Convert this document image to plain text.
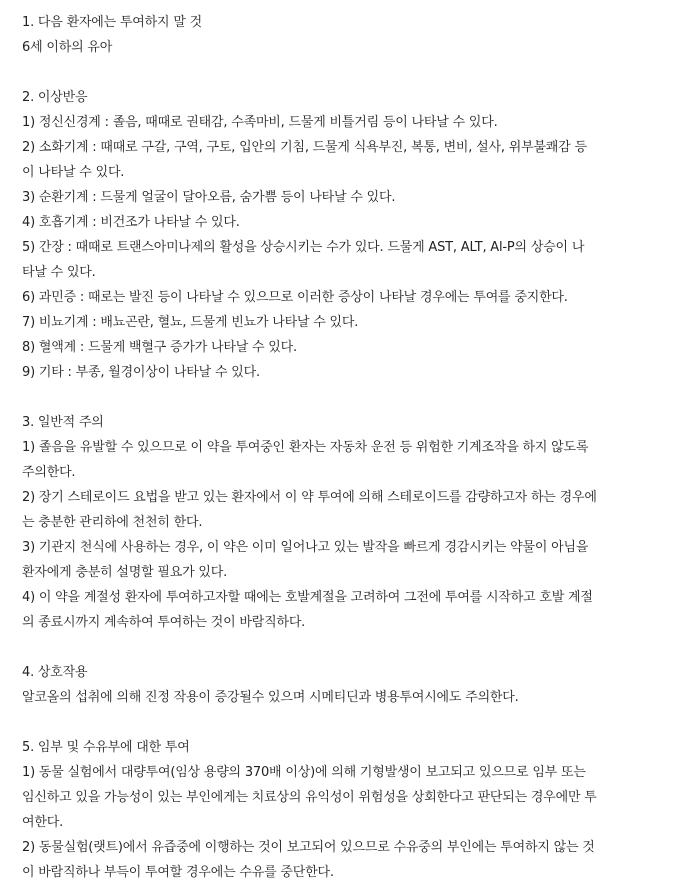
1. 다음 환자에는 투여하지 말 것
6세 이하의 유아
2. 이상반응
1) 정신신경계 : 졸음, 때때로 권태감, 수족마비, 드물게 비틀거림 등이 나타날 수 있다.
2) 소화기계 : 때때로 구갈, 구역, 구토, 입안의 기침, 드물게 식욕부진, 복통, 변비, 설사, 위부불쾌감 등
이 나타날 수 있다.
3) 순환기계 : 드물게 얼굴이 달아오름, 숨가쁨 등이 나타날 수 있다.
4) 호흡기계 : 비건조가 나타날 수 있다.
5) 간장 : 때때로 트랜스아미나제의 활성을 상승시키는 수가 있다. 드물게 AST, ALT, Al-P의 상승이 나
타날 수 있다.
6) 과민증 : 때로는 발진 등이 나타날 수 있으므로 이러한 증상이 나타날 경우에는 투여를 중지한다.
7) 비뇨기계 : 배뇨곤란, 혈뇨, 드물게 빈뇨가 나타날 수 있다.
8) 혈액계 : 드물게 백혈구 증가가 나타날 수 있다.
9) 기타 : 부종, 월경이상이 나타날 수 있다.
3. 일반적 주의
1) 졸음을 유발할 수 있으므로 이 약을 투여중인 환자는 자동차 운전 등 위험한 기계조작을 하지 않도록
주의한다.
2) 장기 스테로이드 요법을 받고 있는 환자에서 이 약 투여에 의해 스테로이드를 감량하고자 하는 경우에
는 충분한 관리하에 천천히 한다.
3) 기관지 천식에 사용하는 경우, 이 약은 이미 일어나고 있는 발작을 빠르게 경감시키는 약물이 아님을
환자에게 충분히 설명할 필요가 있다.
4) 이 약을 계절성 환자에 투여하고자할 때에는 호발계절을 고려하여 그전에 투여를 시작하고 호발 계절
의 종료시까지 계속하여 투여하는 것이 바람직하다.
4. 상호작용
알코올의 섭취에 의해 진정 작용이 증강될수 있으며 시메티딘과 병용투여시에도 주의한다.
5. 임부 및 수유부에 대한 투여
1) 동물 실험에서 대량투여(임상 용량의 370배 이상)에 의해 기형발생이 보고되고 있으므로 임부 또는
임신하고 있을 가능성이 있는 부인에게는 치료상의 유익성이 위험성을 상회한다고 판단되는 경우에만 투
여한다.
2) 동물실험(랫트)에서 유즙중에 이행하는 것이 보고되어 있으므로 수유중의 부인에는 투여하지 않는 것
이 바람직하나 부득이 투여할 경우에는 수유를 중단한다.
